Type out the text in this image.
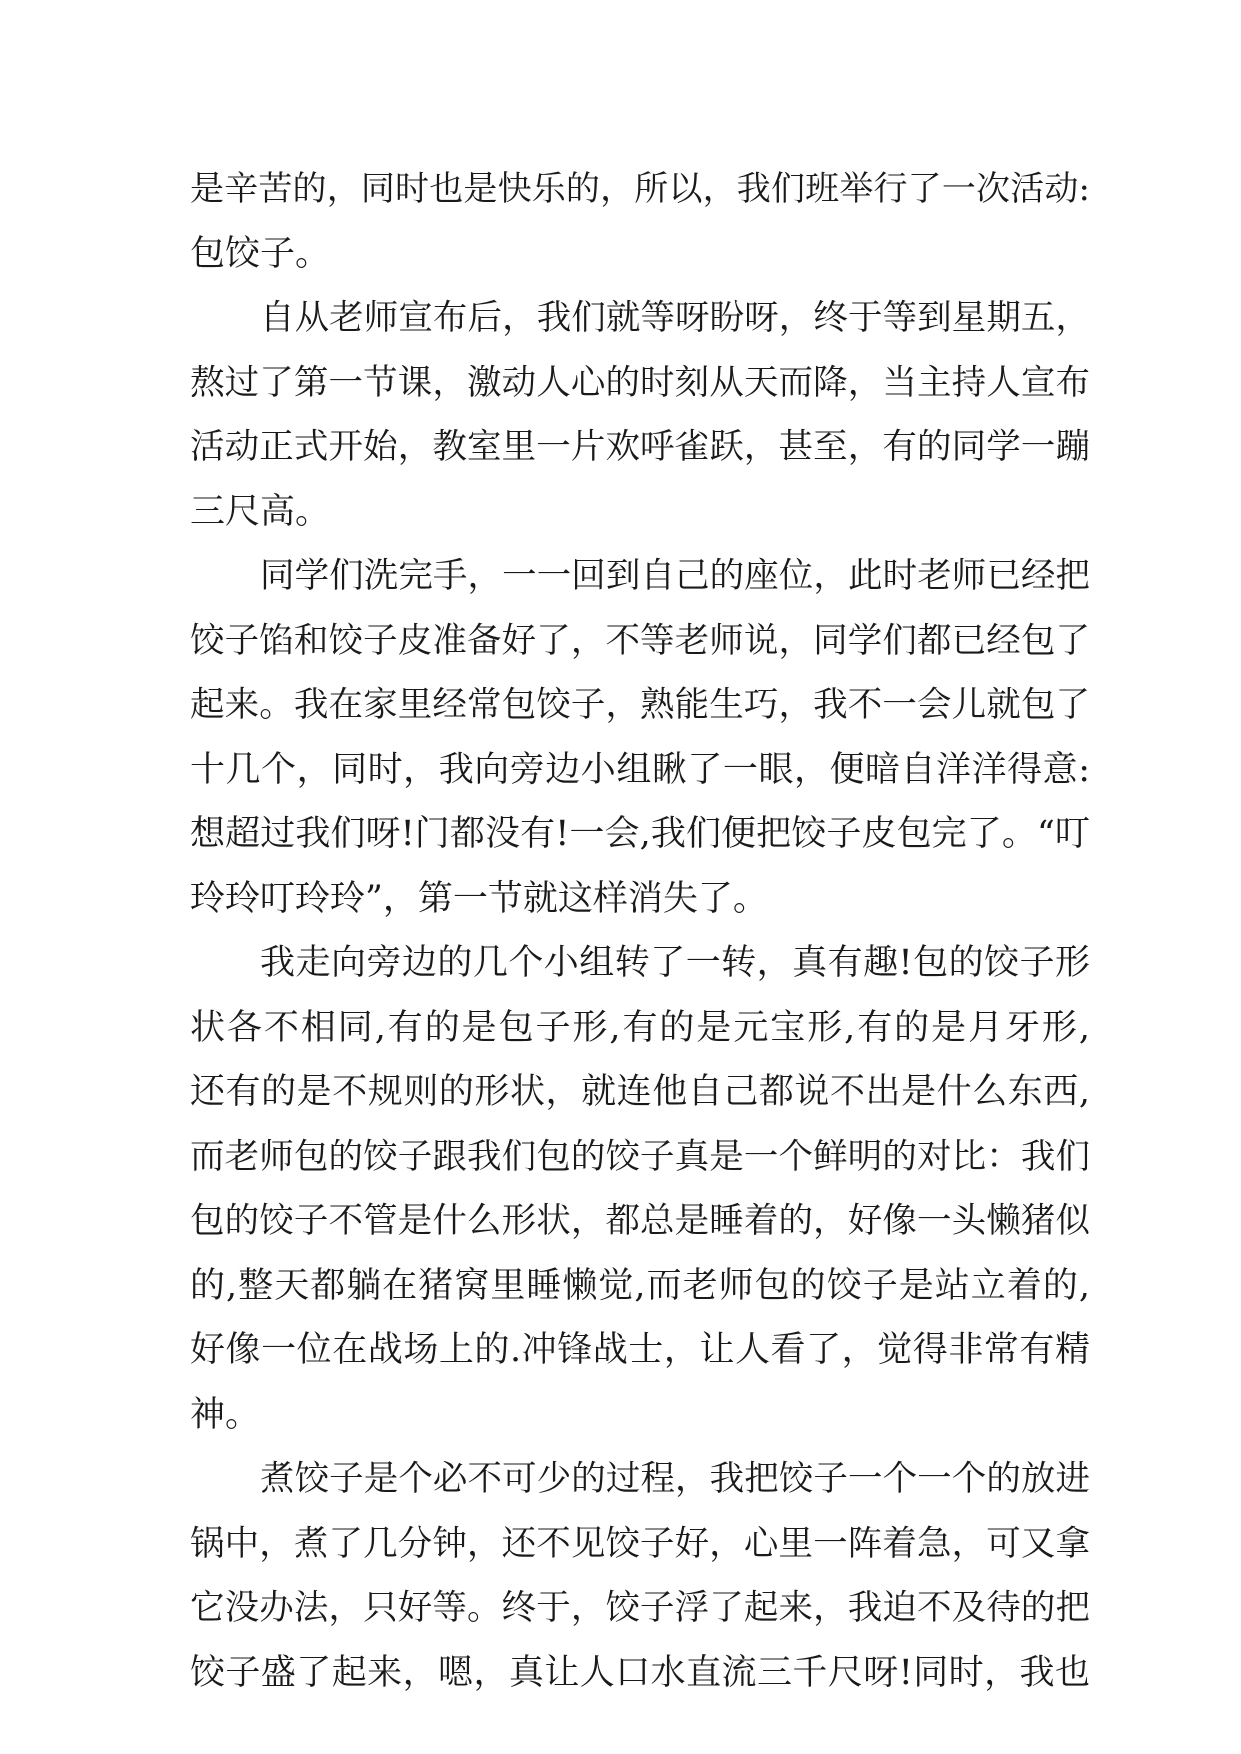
是辛苦的，同时也是快乐的，所以，我们班举行了一次活动:
包饺子。
自从老师宣布后，我们就等呀盼呀，终于等到星期五，
熬过了第一节课，激动人心的时刻从天而降，当主持人宣布
活动正式开始，教室里一片欢呼雀跃，甚至，有的同学一蹦
三尺高。
同学们洗完手，一一回到自己的座位，此时老师已经把
饺子馅和饺子皮准备好了，不等老师说，同学们都已经包了
起来。我在家里经常包饺子，熟能生巧，我不一会儿就包了
十几个，同时，我向旁边小组瞅了一眼，便暗自洋洋得意:
想超过我们呀!门都没有!一会,我们便把饺子皮包完了。“叮
玲玲叮玲玲”，第一节就这样消失了。
我走向旁边的几个小组转了一转，真有趣!包的饺子形
状各不相同,有的是包子形,有的是元宝形,有的是月牙形,
还有的是不规则的形状，就连他自己都说不出是什么东西,
而老师包的饺子跟我们包的饺子真是一个鲜明的对比：我们
包的饺子不管是什么形状，都总是睡着的，好像一头懒猪似
的,整天都躺在猪窝里睡懒觉,而老师包的饺子是站立着的,
好像一位在战场上的.冲锋战士，让人看了，觉得非常有精
神。
煮饺子是个必不可少的过程，我把饺子一个一个的放进
锅中，煮了几分钟，还不见饺子好，心里一阵着急，可又拿
它没办法，只好等。终于，饺子浮了起来，我迫不及待的把
饺子盛了起来，嗯，真让人口水直流三千尺呀!同时，我也
